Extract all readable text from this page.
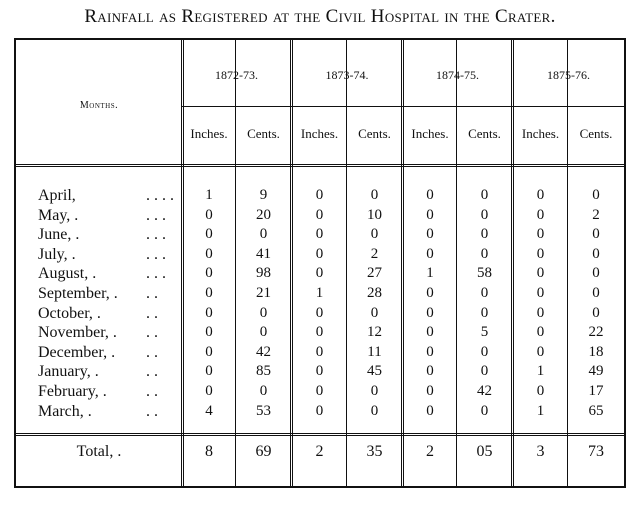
Rainfall as Registered at the Civil Hospital in the Crater.
Months.
1872-73.	1873-74.	1874-75.	1875-76.
Inches.	Cents.	Inches.	Cents.	Inches.	Cents.	Inches.	Cents.
April,	. . . .	1	9	0	0	0	0	0	0
May, .	. . .	0	20	0	10	0	0	0	2
June, .	. . .	0	0	0	0	0	0	0	0
July, .	. . .	0	41	0	2	0	0	0	0
August, .	. . .	0	98	0	27	1	58	0	0
September, . . .	0	21	1	28	0	0	0	0
October, .	. .	0	0	0	0	0	0	0	0
November, . . .	0	0	0	12	0	5	0	22
December, . . .	0	42	0	11	0	0	0	18
January, .	. .	0	85	0	45	0	0	1	49
February, . . .	0	0	0	0	0	42	0	17
March, .	. .	4	53	0	0	0	0	1	65
Total, .	8	69	2	35	2	05	3	73
